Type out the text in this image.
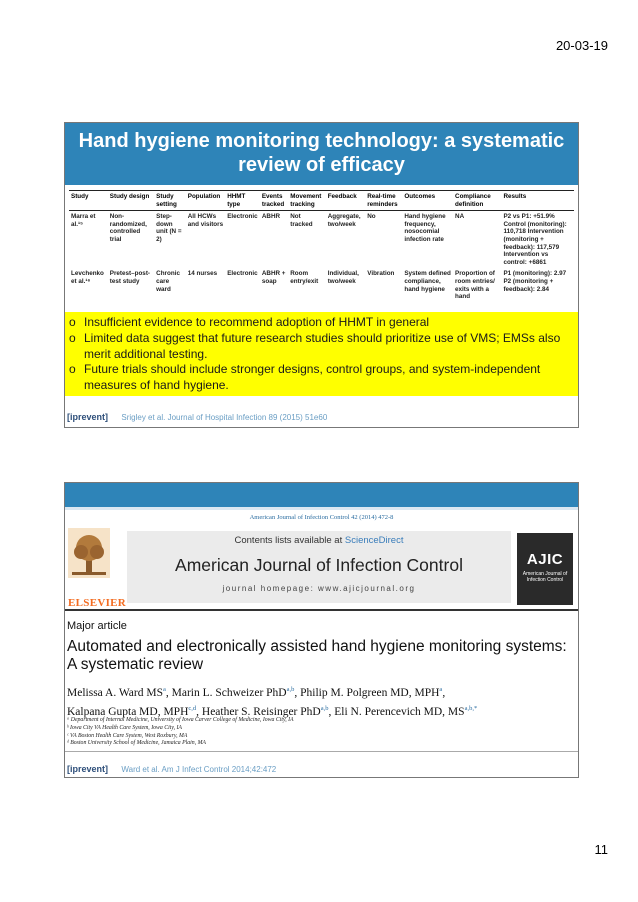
20-03-19
Hand hygiene monitoring technology: a systematic review of efficacy
Study	Study design	Study setting	Population	HHMT type	Events tracked	Movement tracking	Feedback	Real-time reminders	Outcomes	Compliance definition	Results
Marra et al.¹⁵	Non-randomized, controlled trial	Step-down unit (N = 2)	All HCWs and visitors	Electronic	ABHR	Not tracked	Aggregate, two/week	No	Hand hygiene frequency, nosocomial infection rate	NA	P2 vs P1: +51.9% Control (monitoring): 110,718 Intervention (monitoring + feedback): 117,579 Intervention vs control: +6861
Levchenko et al.¹⁶	Pretest–post-test study	Chronic care ward	14 nurses	Electronic	ABHR + soap	Room entry/exit	Individual, two/week	Vibration	System defined compliance, hand hygiene	Proportion of room entries/ exits with a hand	P1 (monitoring): 2.97 P2 (monitoring + feedback): 2.84
o Insufficient evidence to recommend adoption of HHMT in general
o Limited data suggest that future research studies should prioritize use of VMS; EMSs also merit additional testing.
o Future trials should include stronger designs, control groups, and system-independent measures of hand hygiene.
[iprevent] Srigley et al. Journal of Hospital Infection 89 (2015) 51e60
American Journal of Infection Control 42 (2014) 472-8
ELSEVIER
Contents lists available at ScienceDirect
American Journal of Infection Control
journal homepage: www.ajicjournal.org
AJIC
American Journal of Infection Control
Major article
Automated and electronically assisted hand hygiene monitoring systems: A systematic review
Melissa A. Ward $MS^a$, Marin L. Schweizer PhD$^{a,b}$, Philip M. Polgreen MD, MPH$^a$,
Kalpana Gupta MD, MPH$^{c,d}$, Heather S. Reisinger PhD$^{a,b}$, Eli N. Perencevich MD, $MS^{a,b,*}$
ᵃ Department of Internal Medicine, University of Iowa Carver College of Medicine, Iowa City, IA
ᵇ Iowa City VA Health Care System, Iowa City, IA
ᶜ VA Boston Health Care System, West Roxbury, MA
ᵈ Boston University School of Medicine, Jamaica Plain, MA
[iprevent] Ward et al. Am J Infect Control 2014;42:472
11
